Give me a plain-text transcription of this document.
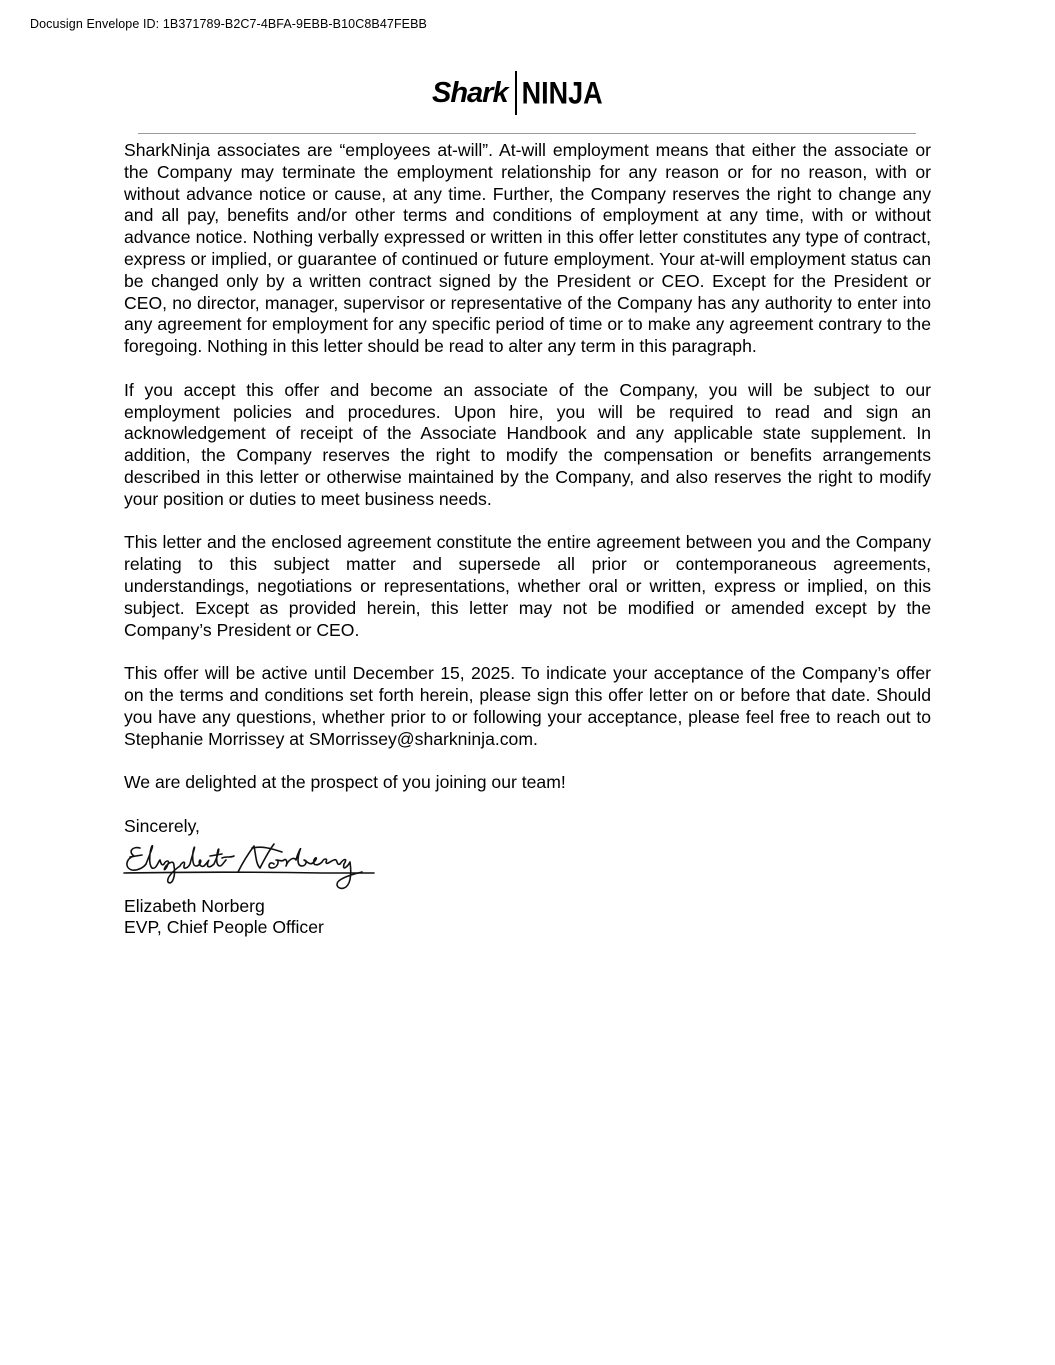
Docusign Envelope ID: 1B371789-B2C7-4BFA-9EBB-B10C8B47FEBB
Shark NINJA

SharkNinja associates are “employees at-will”. At-will employment means that either the associate or the Company may terminate the employment relationship for any reason or for no reason, with or without advance notice or cause, at any time. Further, the Company reserves the right to change any and all pay, benefits and/or other terms and conditions of employment at any time, with or without advance notice. Nothing verbally expressed or written in this offer letter constitutes any type of contract, express or implied, or guarantee of continued or future employment. Your at-will employment status can be changed only by a written contract signed by the President or CEO. Except for the President or CEO, no director, manager, supervisor or representative of the Company has any authority to enter into any agreement for employment for any specific period of time or to make any agreement contrary to the foregoing. Nothing in this letter should be read to alter any term in this paragraph.

If you accept this offer and become an associate of the Company, you will be subject to our employment policies and procedures. Upon hire, you will be required to read and sign an acknowledgement of receipt of the Associate Handbook and any applicable state supplement. In addition, the Company reserves the right to modify the compensation or benefits arrangements described in this letter or otherwise maintained by the Company, and also reserves the right to modify your position or duties to meet business needs.

This letter and the enclosed agreement constitute the entire agreement between you and the Company relating to this subject matter and supersede all prior or contemporaneous agreements, understandings, negotiations or representations, whether oral or written, express or implied, on this subject. Except as provided herein, this letter may not be modified or amended except by the Company’s President or CEO.

This offer will be active until December 15, 2025. To indicate your acceptance of the Company’s offer on the terms and conditions set forth herein, please sign this offer letter on or before that date. Should you have any questions, whether prior to or following your acceptance, please feel free to reach out to Stephanie Morrissey at SMorrissey@sharkninja.com.

We are delighted at the prospect of you joining our team!

Sincerely,
Elizabeth Norberg
EVP, Chief People Officer
